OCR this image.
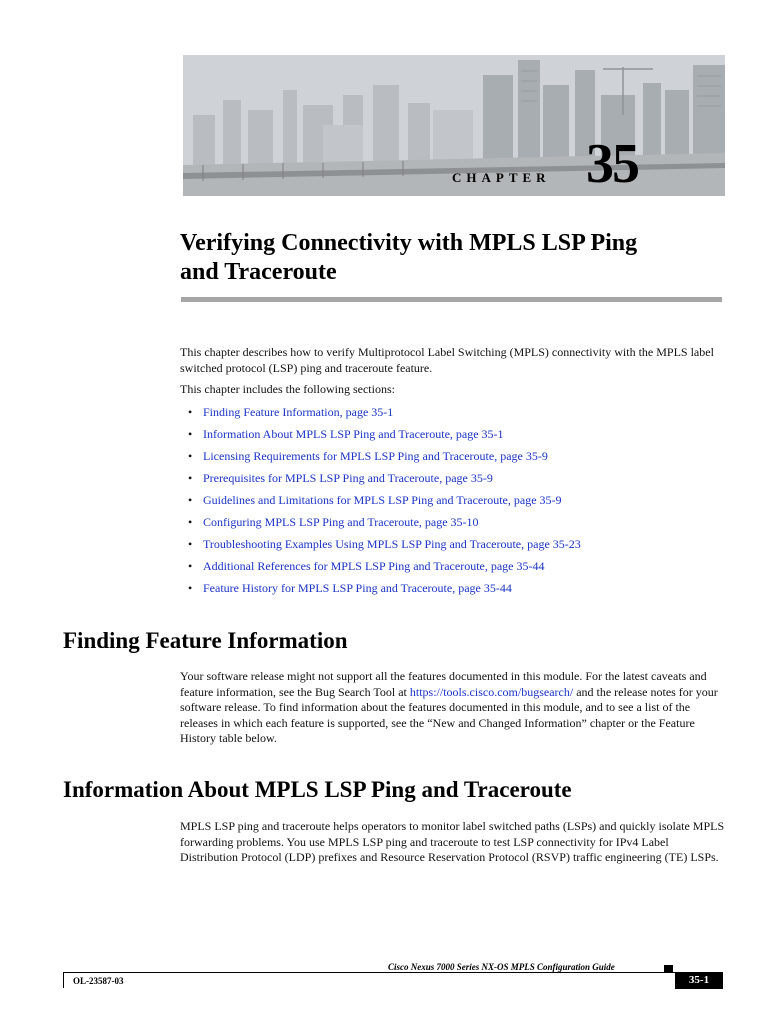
CHAPTER 35
Verifying Connectivity with MPLS LSP Ping
and Traceroute

This chapter describes how to verify Multiprotocol Label Switching (MPLS) connectivity with the MPLS label switched protocol (LSP) ping and traceroute feature.

This chapter includes the following sections:

• Finding Feature Information, page 35-1
• Information About MPLS LSP Ping and Traceroute, page 35-1
• Licensing Requirements for MPLS LSP Ping and Traceroute, page 35-9
• Prerequisites for MPLS LSP Ping and Traceroute, page 35-9
• Guidelines and Limitations for MPLS LSP Ping and Traceroute, page 35-9
• Configuring MPLS LSP Ping and Traceroute, page 35-10
• Troubleshooting Examples Using MPLS LSP Ping and Traceroute, page 35-23
• Additional References for MPLS LSP Ping and Traceroute, page 35-44
• Feature History for MPLS LSP Ping and Traceroute, page 35-44
Finding Feature Information

Your software release might not support all the features documented in this module. For the latest caveats and feature information, see the Bug Search Tool at https://tools.cisco.com/bugsearch/ and the release notes for your software release. To find information about the features documented in this module, and to see a list of the releases in which each feature is supported, see the “New and Changed Information” chapter or the Feature History table below.

Information About MPLS LSP Ping and Traceroute

MPLS LSP ping and traceroute helps operators to monitor label switched paths (LSPs) and quickly isolate MPLS forwarding problems. You use MPLS LSP ping and traceroute to test LSP connectivity for IPv4 Label Distribution Protocol (LDP) prefixes and Resource Reservation Protocol (RSVP) traffic engineering (TE) LSPs.

Cisco Nexus 7000 Series NX-OS MPLS Configuration Guide
OL-23587-03	35-1
